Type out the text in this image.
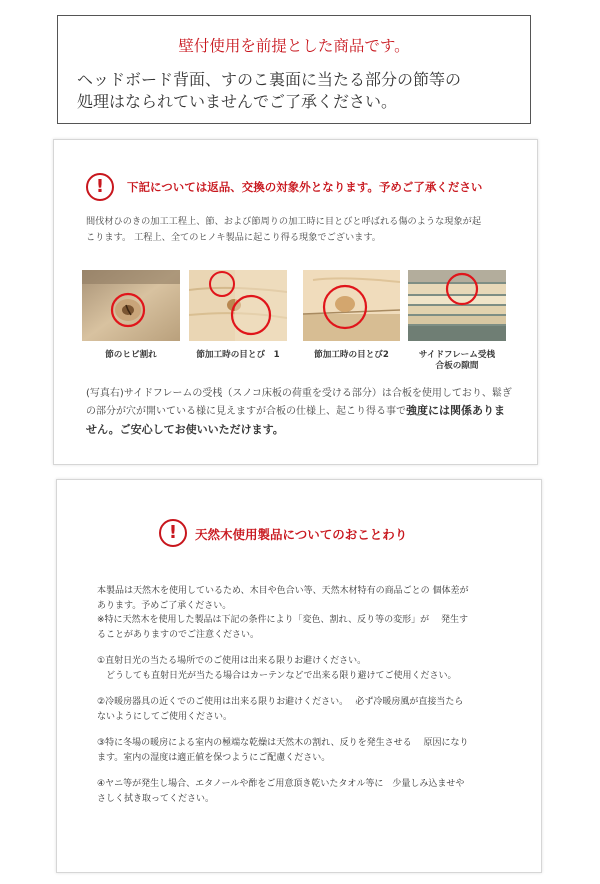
壁付使用を前提とした商品です。
ヘッドボード背面、すのこ裏面に当たる部分の節等の
処理はなられていませんでご了承ください。
!	下記については返品、交換の対象外となります。予めご了承ください
間伐材ひのきの加工工程上、節、および節周りの加工時に目とびと呼ばれる傷のような現象が起
こります。 工程上、全てのヒノキ製品に起こり得る現象でございます。
節のヒビ割れ	節加工時の目とび　1	節加工時の目とび2	サイドフレーム受桟
合板の隙間
(写真右)サイドフレームの受桟（スノコ床板の荷重を受ける部分）は合板を使用しており、鬆ぎ
の部分が穴が開いている様に見えますが合板の仕様上、起こり得る事で強度には関係ありま
せん。ご安心してお使いいただけます。
!	天然木使用製品についてのおことわり
本製品は天然木を使用しているため、木目や色合い等、天然木材特有の商品ごとの 個体差が
あります。予めご了承ください。
※特に天然木を使用した製品は下記の条件により「変色、割れ、反り等の変形」が　 発生す
ることがありますのでご注意ください。
①直射日光の当たる場所でのご使用は出来る限りお避けください。
　どうしても直射日光が当たる場合はカーテンなどで出来る限り避けてご使用ください。
②冷暖房器具の近くでのご使用は出来る限りお避けください。　 必ず冷暖房風が直接当たら
ないようにしてご使用ください。
③特に冬場の暖房による室内の極端な乾燥は天然木の割れ、反りを発生させる　 原因になり
ます。室内の湿度は適正値を保つようにご配慮ください。
④ヤニ等が発生し場合、エタノールや酢をご用意頂き乾いたタオル等に　少量しみ込ませや
さしく拭き取ってください。
